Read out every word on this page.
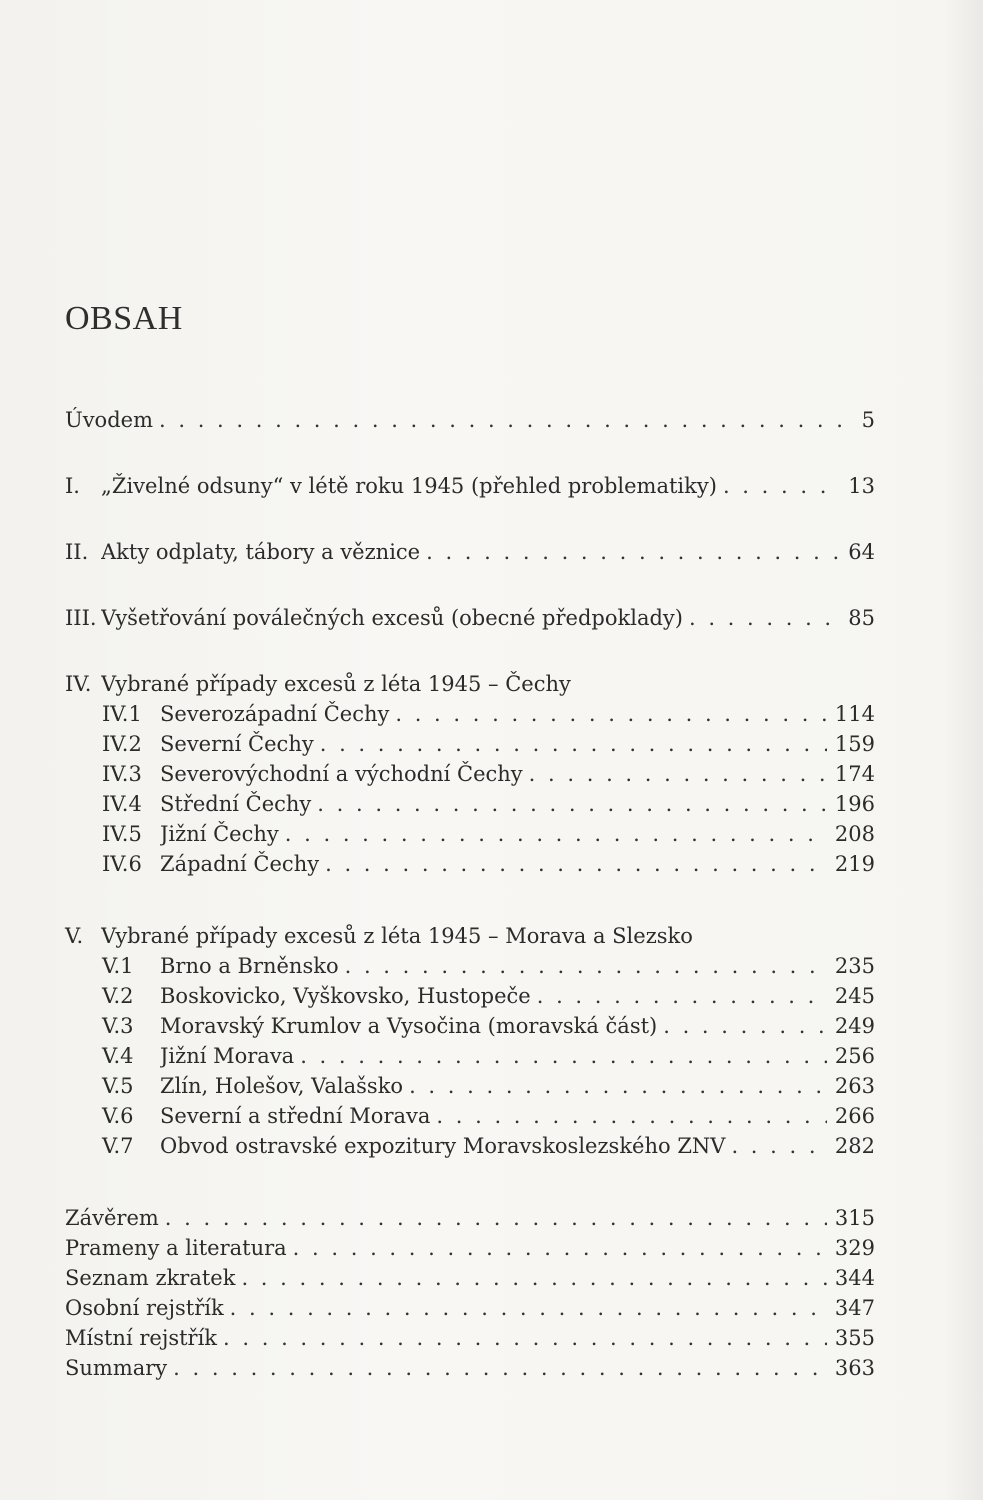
OBSAH
Úvodem . . .	5
I. „Živelné odsuny“ v létě roku 1945 (přehled problematiky) . . .	13
II. Akty odplaty, tábory a věznice . . .	64
III. Vyšetřování poválečných excesů (obecné předpoklady) . . .	85
IV. Vybrané případy excesů z léta 1945 – Čechy
IV.1 Severozápadní Čechy . . .	114
IV.2 Severní Čechy . . .	159
IV.3 Severovýchodní a východní Čechy . . .	174
IV.4 Střední Čechy . . .	196
IV.5 Jižní Čechy . . .	208
IV.6 Západní Čechy . . .	219
V. Vybrané případy excesů z léta 1945 – Morava a Slezsko
V.1 Brno a Brněnsko . . .	235
V.2 Boskovicko, Vyškovsko, Hustopeče . . .	245
V.3 Moravský Krumlov a Vysočina (moravská část) . . .	249
V.4 Jižní Morava . . .	256
V.5 Zlín, Holešov, Valašsko . . .	263
V.6 Severní a střední Morava . . .	266
V.7 Obvod ostravské expozitury Moravskoslezského ZNV . . .	282
Závěrem . . .	315
Prameny a literatura . . .	329
Seznam zkratek . . .	344
Osobní rejstřík . . .	347
Místní rejstřík . . .	355
Summary . . .	363
